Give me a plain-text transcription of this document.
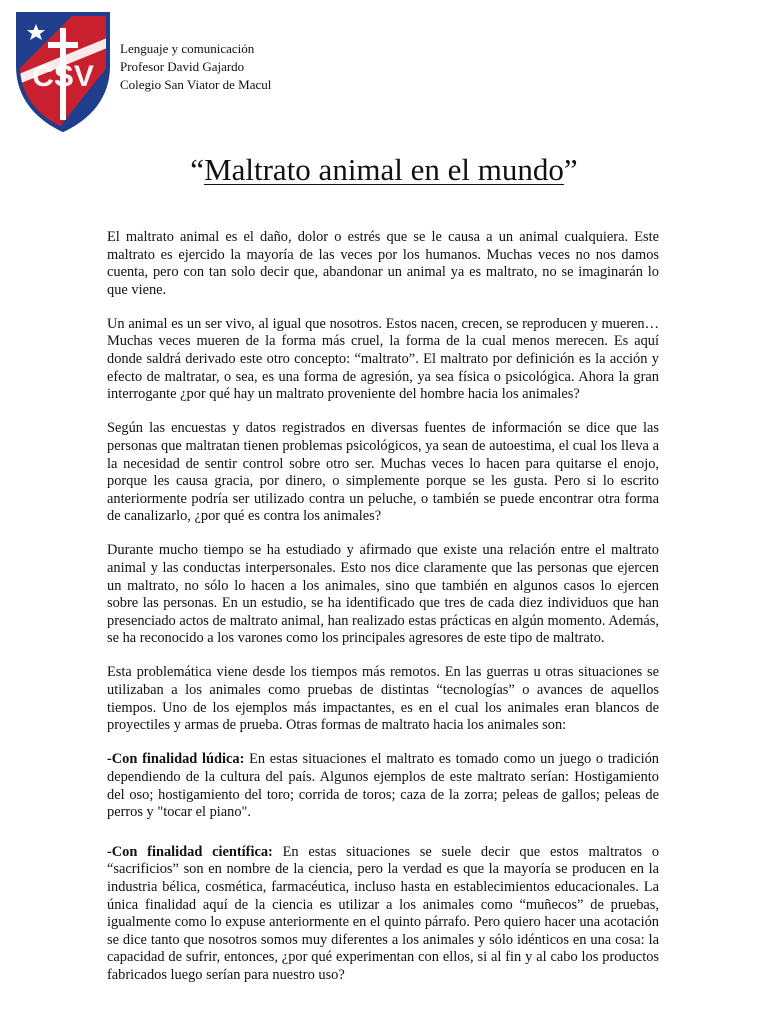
CSV
Lenguaje y comunicación
Profesor David Gajardo
Colegio San Viator de Macul
“Maltrato animal en el mundo”

El maltrato animal es el daño, dolor o estrés que se le causa a un animal cualquiera. Este maltrato es ejercido la mayoría de las veces por los humanos. Muchas veces no nos damos cuenta, pero con tan solo decir que, abandonar un animal ya es maltrato, no se imaginarán lo que viene.

Un animal es un ser vivo, al igual que nosotros. Estos nacen, crecen, se reproducen y mueren… Muchas veces mueren de la forma más cruel, la forma de la cual menos merecen. Es aquí donde saldrá derivado este otro concepto: “maltrato”. El maltrato por definición es la acción y efecto de maltratar, o sea, es una forma de agresión, ya sea física o psicológica. Ahora la gran interrogante ¿por qué hay un maltrato proveniente del hombre hacia los animales?

Según las encuestas y datos registrados en diversas fuentes de información se dice que las personas que maltratan tienen problemas psicológicos, ya sean de autoestima, el cual los lleva a la necesidad de sentir control sobre otro ser. Muchas veces lo hacen para quitarse el enojo, porque les causa gracia, por dinero, o simplemente porque se les gusta. Pero si lo escrito anteriormente podría ser utilizado contra un peluche, o también se puede encontrar otra forma de canalizarlo, ¿por qué es contra los animales?

Durante mucho tiempo se ha estudiado y afirmado que existe una relación entre el maltrato animal y las conductas interpersonales. Esto nos dice claramente que las personas que ejercen un maltrato, no sólo lo hacen a los animales, sino que también en algunos casos lo ejercen sobre las personas. En un estudio, se ha identificado que tres de cada diez individuos que han presenciado actos de maltrato animal, han realizado estas prácticas en algún momento. Además, se ha reconocido a los varones como los principales agresores de este tipo de maltrato.

Esta problemática viene desde los tiempos más remotos. En las guerras u otras situaciones se utilizaban a los animales como pruebas de distintas “tecnologías” o avances de aquellos tiempos. Uno de los ejemplos más impactantes, es en el cual los animales eran blancos de proyectiles y armas de prueba. Otras formas de maltrato hacia los animales son:

-Con finalidad lúdica: En estas situaciones el maltrato es tomado como un juego o tradición dependiendo de la cultura del país. Algunos ejemplos de este maltrato serían: Hostigamiento del oso; hostigamiento del toro; corrida de toros; caza de la zorra; peleas de gallos; peleas de perros y "tocar el piano".

-Con finalidad científica: En estas situaciones se suele decir que estos maltratos o “sacrificios” son en nombre de la ciencia, pero la verdad es que la mayoría se producen en la industria bélica, cosmética, farmacéutica, incluso hasta en establecimientos educacionales. La única finalidad aquí de la ciencia es utilizar a los animales como “muñecos” de pruebas, igualmente como lo expuse anteriormente en el quinto párrafo. Pero quiero hacer una acotación se dice tanto que nosotros somos muy diferentes a los animales y sólo idénticos en una cosa: la capacidad de sufrir, entonces, ¿por qué experimentan con ellos, si al fin y al cabo los productos fabricados luego serían para nuestro uso?
